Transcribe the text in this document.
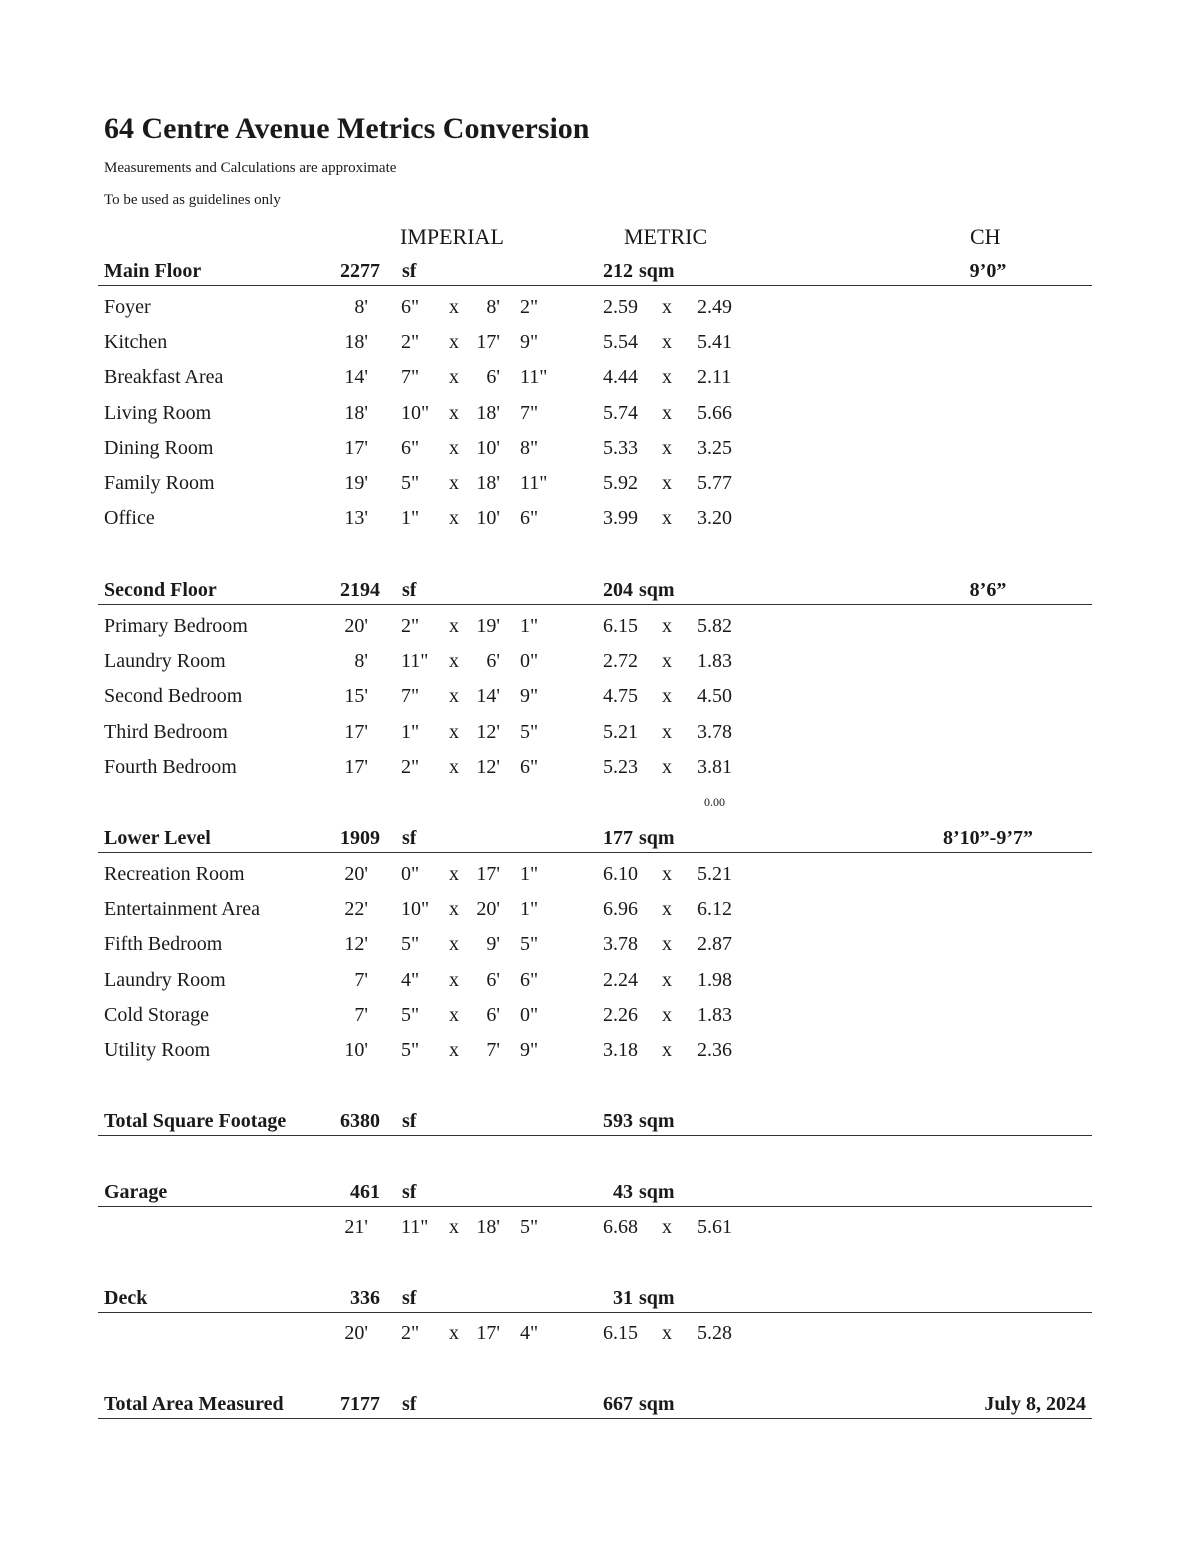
64 Centre Avenue Metrics Conversion
Measurements and Calculations are approximate
To be used as guidelines only
IMPERIAL	METRIC	CH
Main Floor	2277 sf	212 sqm	9’0”
Foyer	8' 6" x 8' 2"	2.59 x 2.49
Kitchen	18' 2" x 17' 9"	5.54 x 5.41
Breakfast Area	14' 7" x 6' 11"	4.44 x 2.11
Living Room	18' 10" x 18' 7"	5.74 x 5.66
Dining Room	17' 6" x 10' 8"	5.33 x 3.25
Family Room	19' 5" x 18' 11"	5.92 x 5.77
Office	13' 1" x 10' 6"	3.99 x 3.20
Second Floor	2194 sf	204 sqm	8’6”
Primary Bedroom	20' 2" x 19' 1"	6.15 x 5.82
Laundry Room	8' 11" x 6' 0"	2.72 x 1.83
Second Bedroom	15' 7" x 14' 9"	4.75 x 4.50
Third Bedroom	17' 1" x 12' 5"	5.21 x 3.78
Fourth Bedroom	17' 2" x 12' 6"	5.23 x 3.81
0.00
Lower Level	1909 sf	177 sqm	8’10”-9’7”
Recreation Room	20' 0" x 17' 1"	6.10 x 5.21
Entertainment Area	22' 10" x 20' 1"	6.96 x 6.12
Fifth Bedroom	12' 5" x 9' 5"	3.78 x 2.87
Laundry Room	7' 4" x 6' 6"	2.24 x 1.98
Cold Storage	7' 5" x 6' 0"	2.26 x 1.83
Utility Room	10' 5" x 7' 9"	3.18 x 2.36
Total Square Footage	6380 sf	593 sqm
Garage	461 sf	43 sqm
21' 11" x 18' 5"	6.68 x 5.61
Deck	336 sf	31 sqm
20' 2" x 17' 4"	6.15 x 5.28
Total Area Measured	7177 sf	667 sqm	July 8, 2024
